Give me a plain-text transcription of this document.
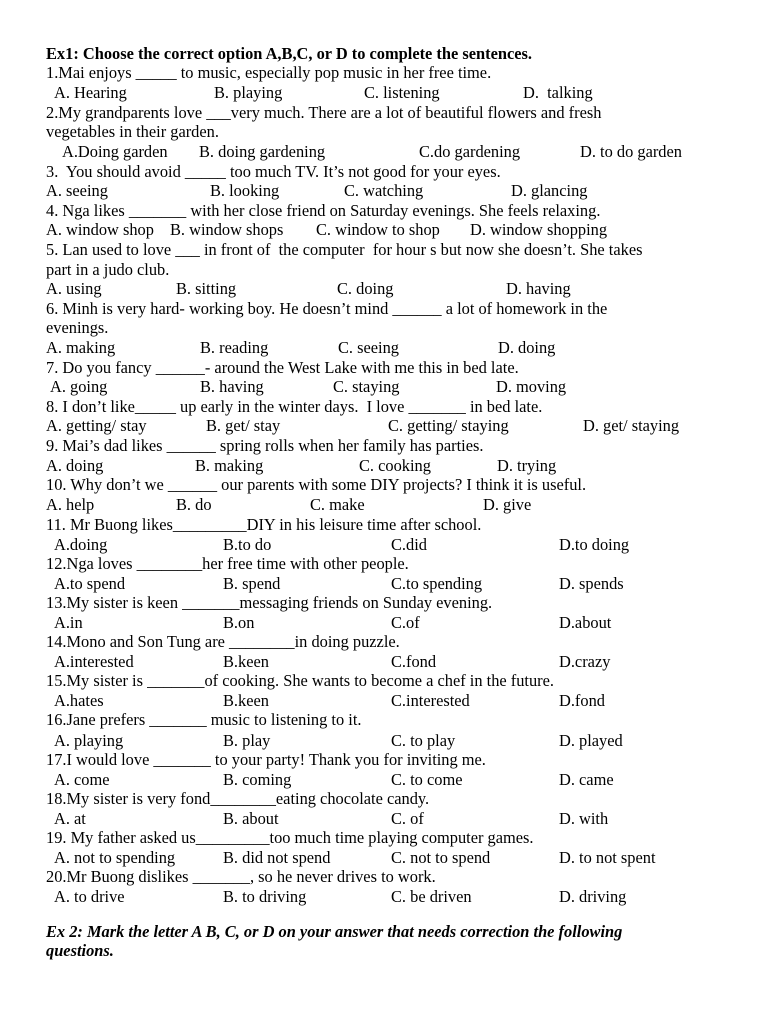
Ex1: Choose the correct option A,B,C, or D to complete the sentences.
1.Mai enjoys _____ to music, especially pop music in her free time.
A. Hearing	B. playing	C. listening	D.  talking
2.My grandparents love ___very much. There are a lot of beautiful flowers and fresh
vegetables in their garden.
A.Doing garden B. doing gardening	C.do gardening	D. to do garden
3.  You should avoid _____ too much TV. It’s not good for your eyes.
A. seeing	B. looking	C. watching	D. glancing
4. Nga likes _______ with her close friend on Saturday evenings. She feels relaxing.
A. window shop B. window shops C. window to shop D. window shopping
5. Lan used to love ___ in front of  the computer  for hour s but now she doesn’t. She takes
part in a judo club.
A. using	B. sitting	C. doing	D. having
6. Minh is very hard- working boy. He doesn’t mind ______ a lot of homework in the
evenings.
A. making	B. reading	C. seeing	D. doing
7. Do you fancy ______- around the West Lake with me this in bed late.
A. going	B. having	C. staying	D. moving
8. I don’t like_____ up early in the winter days.  I love _______ in bed late.
A. getting/ stay	B. get/ stay	C. getting/ staying	D. get/ staying
9. Mai’s dad likes ______ spring rolls when her family has parties.
A. doing	B. making	C. cooking	D. trying
10. Why don’t we ______ our parents with some DIY projects? I think it is useful.
A. help	B. do	C. make	D. give
11. Mr Buong likes_________DIY in his leisure time after school.
A.doing	B.to do	C.did	D.to doing
12.Nga loves ________her free time with other people.
A.to spend	B. spend	C.to spending	D. spends
13.My sister is keen _______messaging friends on Sunday evening.
A.in	B.on	C.of	D.about
14.Mono and Son Tung are ________in doing puzzle.
A.interested	B.keen	C.fond	D.crazy
15.My sister is _______of cooking. She wants to become a chef in the future.
A.hates	B.keen	C.interested	D.fond
16.Jane prefers _______ music to listening to it.
A. playing	B. play	C. to play	D. played
17.I would love _______ to your party! Thank you for inviting me.
A. come	B. coming	C. to come	D. came
18.My sister is very fond________eating chocolate candy.
A. at	B. about	C. of	D. with
19. My father asked us_________too much time playing computer games.
A. not to spending	B. did not spend	C. not to spend	D. to not spent
20.Mr Buong dislikes _______, so he never drives to work.
A. to drive	B. to driving	C. be driven	D. driving
Ex 2: Mark the letter A B, C, or D on your answer that needs correction the following
questions.
